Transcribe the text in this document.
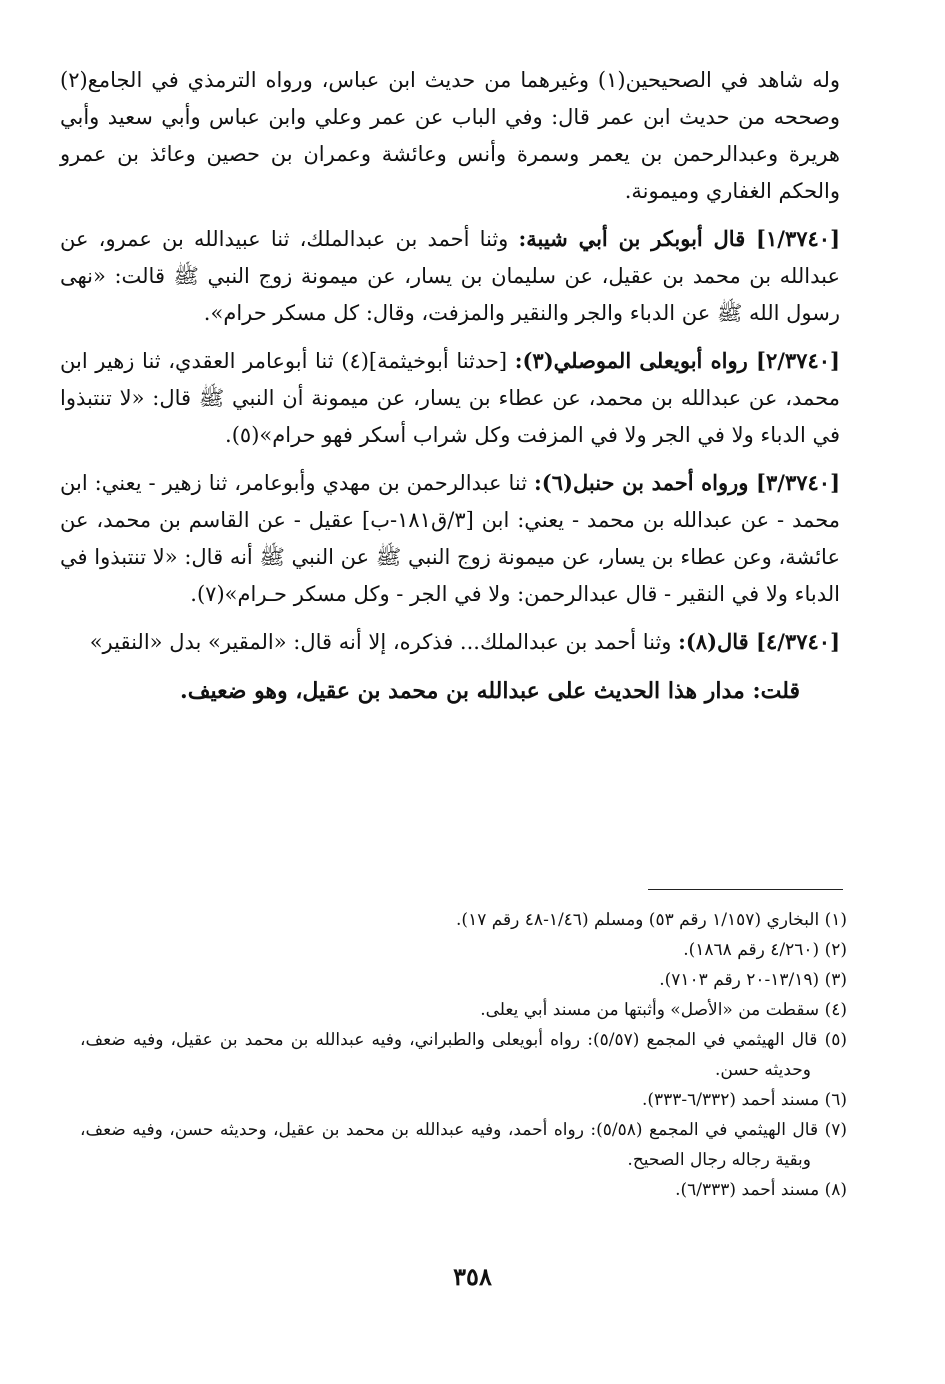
وله شاهد في الصحيحين(١) وغيرهما من حديث ابن عباس، ورواه الترمذي في الجامع(٢) وصححه من حديث ابن عمر قال: وفي الباب عن عمر وعلي وابن عباس وأبي سعيد وأبي هريرة وعبدالرحمن بن يعمر وسمرة وأنس وعائشة وعمران بن حصين وعائذ بن عمرو والحكم الغفاري وميمونة.

[١/٣٧٤٠] قال أبوبكر بن أبي شيبة: وثنا أحمد بن عبدالملك، ثنا عبيدالله بن عمرو، عن عبدالله بن محمد بن عقيل، عن سليمان بن يسار، عن ميمونة زوج النبي ﷺ قالت: «نهى رسول الله ﷺ عن الدباء والجر والنقير والمزفت، وقال: كل مسكر حرام».

[٢/٣٧٤٠] رواه أبويعلى الموصلي(٣): [حدثنا أبوخيثمة](٤) ثنا أبوعامر العقدي، ثنا زهير ابن محمد، عن عبدالله بن محمد، عن عطاء بن يسار، عن ميمونة أن النبي ﷺ قال: «لا تنتبذوا في الدباء ولا في الجر ولا في المزفت وكل شراب أسكر فهو حرام»(٥).

[٣/٣٧٤٠] ورواه أحمد بن حنبل(٦): ثنا عبدالرحمن بن مهدي وأبوعامر، ثنا زهير - يعني: ابن محمد - عن عبدالله بن محمد - يعني: ابن [٣/ق١٨١-ب] عقيل - عن القاسم بن محمد، عن عائشة، وعن عطاء بن يسار، عن ميمونة زوج النبي ﷺ عن النبي ﷺ أنه قال: «لا تنتبذوا في الدباء ولا في النقير - قال عبدالرحمن: ولا في الجر - وكل مسكر حـرام»(٧).

[٤/٣٧٤٠] قال(٨): وثنا أحمد بن عبدالملك... فذكره، إلا أنه قال: «المقير» بدل «النقير»

قلت: مدار هذا الحديث على عبدالله بن محمد بن عقيل، وهو ضعيف.

(١) البخاري (١/١٥٧ رقم ٥٣) ومسلم (١/٤٦-٤٨ رقم ١٧).

(٢) (٤/٢٦٠ رقم ١٨٦٨).

(٣) (١٣/١٩-٢٠ رقم ٧١٠٣).

(٤) سقطت من «الأصل» وأثبتها من مسند أبي يعلى.

(٥) قال الهيثمي في المجمع (٥/٥٧): رواه أبويعلى والطبراني، وفيه عبدالله بن محمد بن عقيل، وفيه ضعف، وحديثه حسن.

(٦) مسند أحمد (٦/٣٣٢-٣٣٣).

(٧) قال الهيثمي في المجمع (٥/٥٨): رواه أحمد، وفيه عبدالله بن محمد بن عقيل، وحديثه حسن، وفيه ضعف، وبقية رجاله رجال الصحيح.

(٨) مسند أحمد (٦/٣٣٣).

٣٥٨
